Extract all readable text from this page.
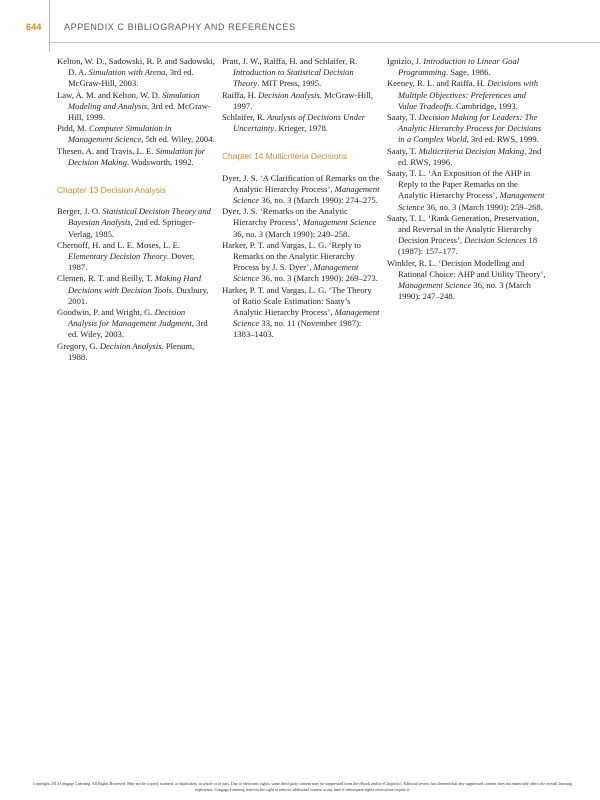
644 APPENDIX C BIBLIOGRAPHY AND REFERENCES

Kelton, W. D., Sadowski, R. P. and Sadowski, D. A. Simulation with Arena, 3rd ed. McGraw-Hill, 2003.

Law, A. M. and Kelton, W. D. Simulation Modeling and Analysis, 3rd ed. McGraw-Hill, 1999.

Pidd, M. Computer Simulation in Management Science, 5th ed. Wiley, 2004.

Thesen, A. and Travis, L. E. Simulation for Decision Making. Wadsworth, 1992.

Chapter 13 Decision Analysis

Berger, J. O. Statistical Decision Theory and Bayesian Analysis, 2nd ed. Springer-Verlag, 1985.

Chernoff, H. and L. E. Moses, L. E. Elementary Decision Theory. Dover, 1987.

Clemen, R. T. and Reilly, T. Making Hard Decisions with Decision Tools. Duxbury, 2001.

Goodwin, P. and Wright, G. Decision Analysis for Management Judgment, 3rd ed. Wiley, 2003.

Gregory, G. Decision Analysis. Plenum, 1988.

Pratt, J. W., Raiffa, H. and Schlaifer, R. Introduction to Statistical Decision Theory. MIT Press, 1995.

Raiffa, H. Decision Analysis. McGraw-Hill, 1997.

Schlaifer, R. Analysis of Decisions Under Uncertainty. Krieger, 1978.

Chapter 14 Multicriteria Decisions

Dyer, J. S. ‘A Clarification of Remarks on the Analytic Hierarchy Process’, Management Science 36, no. 3 (March 1990): 274–275.

Dyer, J. S. ‘Remarks on the Analytic Hierarchy Process’, Management Science 36, no. 3 (March 1990): 249–258.

Harker, P. T. and Vargas, L. G. ‘Reply to Remarks on the Analytic Hierarchy Process by J. S. Dyer’, Management Science 36, no. 3 (March 1990): 269–273.

Harker, P. T. and Vargas, L. G. ‘The Theory of Ratio Scale Estimation: Saaty’s Analytic Hierarchy Process’, Management Science 33, no. 11 (November 1987): 1383–1403.

Ignizio, J. Introduction to Linear Goal Programming. Sage, 1986.

Keeney, R. L. and Raiffa, H. Decisions with Multiple Objectives: Preferences and Value Tradeoffs. Cambridge, 1993.

Saaty, T. Decision Making for Leaders: The Analytic Hierarchy Process for Decisions in a Complex World, 3rd ed. RWS, 1999.

Saaty, T. Multicriteria Decision Making, 2nd ed. RWS, 1996.

Saaty, T. L. ‘An Exposition of the AHP in Reply to the Paper Remarks on the Analytic Hierarchy Process’, Management Science 36, no. 3 (March 1990): 259–268.

Saaty, T. L. ‘Rank Generation, Preservation, and Reversal in the Analytic Hierarchy Decision Process’, Decision Sciences 18 (1987): 157–177.

Winkler, R. L. ‘Decision Modelling and Rational Choice: AHP and Utility Theory’, Management Science 36, no. 3 (March 1990): 247–248.

Copyright 2014 Cengage Learning. All Rights Reserved. May not be copied, scanned, or duplicated, in whole or in part. Due to electronic rights, some third party content may be suppressed from the eBook and/or eChapter(s). Editorial review has deemed that any suppressed content does not materially affect the overall learning experience. Cengage Learning reserves the right to remove additional content at any time if subsequent rights restrictions require it.
